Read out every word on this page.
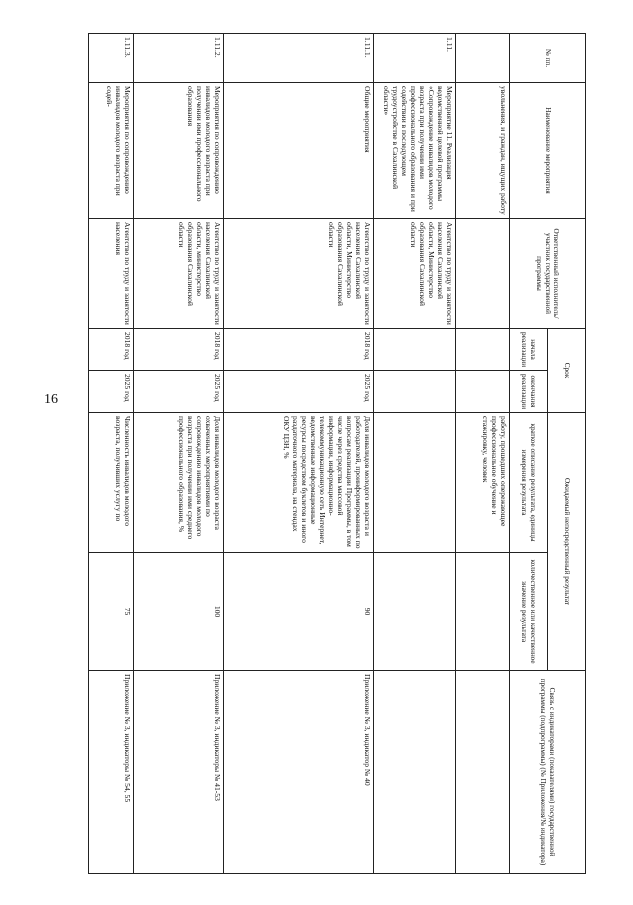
16
№ пп.	Наименование мероприятия	Ответственный исполнитель/участник государственной программы	Срок		Ожидаемый непосредственный результат		Связь с индикаторами (показателями) государственной программы (подпрограммы) (№ Приложения/№ индикатора)
			начала реализации	окончания реализации	краткое описание результата, единицы измерения результата	количественное или качественное значение результата	
	увольнения, и граждан, ищущих работу				работу, прошедших опережающее профессиональное обучение и стажировку, человек		
1.11.	Мероприятие 11. Реализация ведомственной целевой программы «Сопровождение инвалидов молодого возраста при получении ими профессионального образования и при содействии в последующем трудоустройстве в Сахалинской области»	Агентство по труду и занятости населения Сахалинской области, Министерство образования Сахалинской области					
1.11.1.	Общие мероприятия	Агентство по труду и занятости населения Сахалинской области, Министерство образования Сахалинской области	2018 год	2025 год	Доля инвалидов молодого возраста и работодателей, проинформированных по вопросам реализации Программы, в том числе через средства массовой информации, информационно-телекоммуникационную сеть Интернет, ведомственные информационные ресурсы посредством буклетов и иного раздаточного материала, на стендах ОКУ ЦЗН, %	90	Приложение № 3, индикатор № 40
1.11.2.	Мероприятия по сопровождению инвалидов молодого возраста при получении ими профессионального образования	Агентство по труду и занятости населения Сахалинской области, министерство образования Сахалинской области	2018 год	2025 год	Доля инвалидов молодого возраста охваченных мероприятиями по сопровождению инвалидов молодого возраста при получении ими среднего профессионального образования, %	100	Приложение № 3, индикаторы № 41-53
1.11.3.	Мероприятия по сопровождению инвалидов молодого возраста при содей-	Агентство по труду и занятости населения	2018 год	2025 год	Численность инвалидов молодого возраста, получивших услугу по	75	Приложение № 3, индикаторы № 54, 55
